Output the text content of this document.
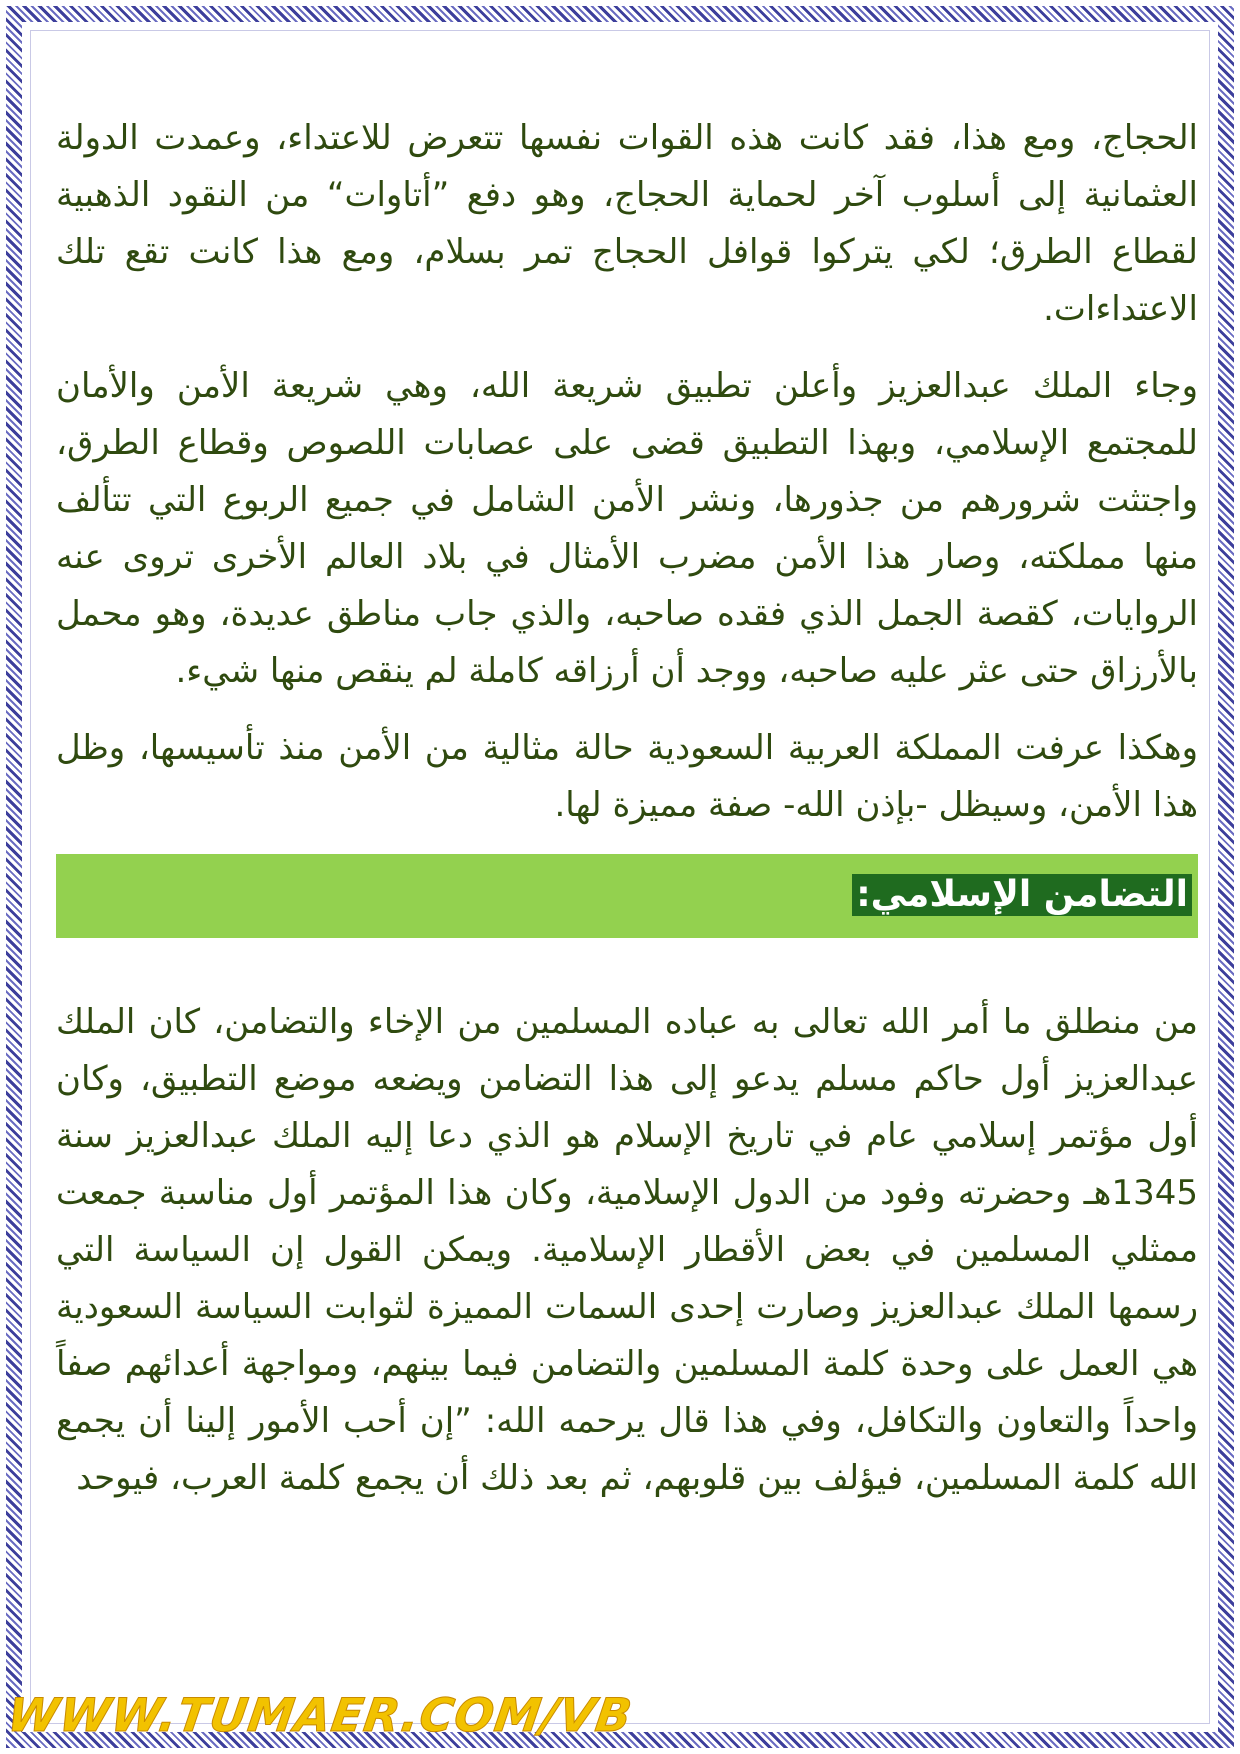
الحجاج، ومع هذا، فقد كانت هذه القوات نفسها تتعرض للاعتداء، وعمدت الدولة العثمانية إلى أسلوب آخر لحماية الحجاج، وهو دفع ”أتاوات“ من النقود الذهبية لقطاع الطرق؛ لكي يتركوا قوافل الحجاج تمر بسلام، ومع هذا كانت تقع تلك الاعتداءات.

وجاء الملك عبدالعزيز وأعلن تطبيق شريعة الله، وهي شريعة الأمن والأمان للمجتمع الإسلامي، وبهذا التطبيق قضى على عصابات اللصوص وقطاع الطرق، واجتثت شرورهم من جذورها، ونشر الأمن الشامل في جميع الربوع التي تتألف منها مملكته، وصار هذا الأمن مضرب الأمثال في بلاد العالم الأخرى تروى عنه الروايات، كقصة الجمل الذي فقده صاحبه، والذي جاب مناطق عديدة، وهو محمل بالأرزاق حتى عثر عليه صاحبه، ووجد أن أرزاقه كاملة لم ينقص منها شيء.

وهكذا عرفت المملكة العربية السعودية حالة مثالية من الأمن منذ تأسيسها، وظل هذا الأمن، وسيظل -بإذن الله- صفة مميزة لها.

التضامن الإسلامي:

من منطلق ما أمر الله تعالى به عباده المسلمين من الإخاء والتضامن، كان الملك عبدالعزيز أول حاكم مسلم يدعو إلى هذا التضامن ويضعه موضع التطبيق، وكان أول مؤتمر إسلامي عام في تاريخ الإسلام هو الذي دعا إليه الملك عبدالعزيز سنة 1345هـ وحضرته وفود من الدول الإسلامية، وكان هذا المؤتمر أول مناسبة جمعت ممثلي المسلمين في بعض الأقطار الإسلامية. ويمكن القول إن السياسة التي رسمها الملك عبدالعزيز وصارت إحدى السمات المميزة لثوابت السياسة السعودية هي العمل على وحدة كلمة المسلمين والتضامن فيما بينهم، ومواجهة أعدائهم صفاً واحداً والتعاون والتكافل، وفي هذا قال يرحمه الله: ”إن أحب الأمور إلينا أن يجمع الله كلمة المسلمين، فيؤلف بين قلوبهم، ثم بعد ذلك أن يجمع كلمة العرب، فيوحد

WWW.TUMAER.COM/VB
